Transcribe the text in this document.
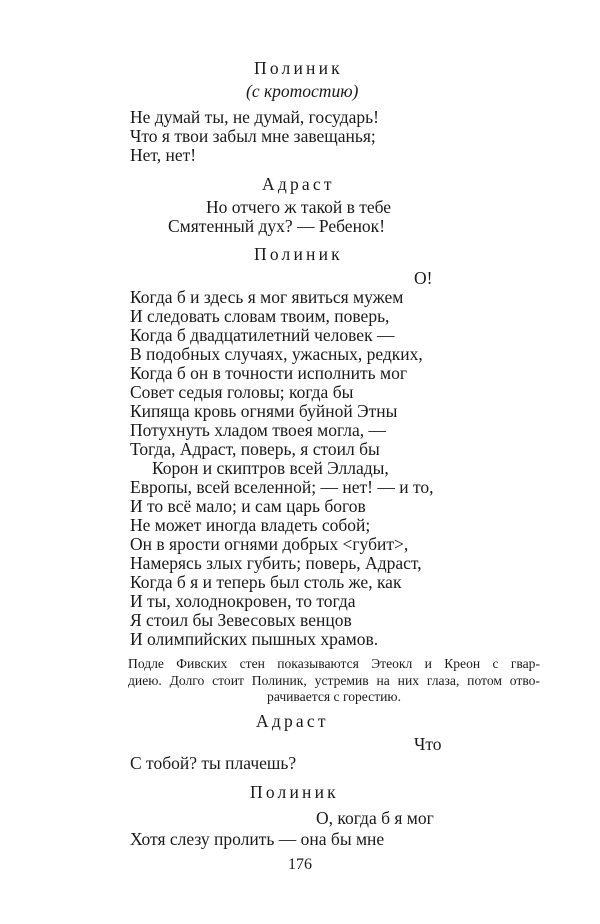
Полиник
(с кротостию)
Не думай ты, не думай, государь!
Что я твои забыл мне завещанья;
Нет, нет!
Адраст
Но отчего ж такой в тебе
Смятенный дух? — Ребенок!
Полиник
О!
Когда б и здесь я мог явиться мужем
И следовать словам твоим, поверь,
Когда б двадцатилетний человек —
В подобных случаях, ужасных, редких,
Когда б он в точности исполнить мог
Совет седыя головы; когда бы
Кипяща кровь огнями буйной Этны
Потухнуть хладом твоея могла, —
Тогда, Адраст, поверь, я стоил бы
Корон и скиптров всей Эллады,
Европы, всей вселенной; — нет! — и то,
И то всё мало; и сам царь богов
Не может иногда владеть собой;
Он в ярости огнями добрых <губит>,
Намерясь злых губить; поверь, Адраст,
Когда б я и теперь был столь же, как
И ты, холоднокровен, то тогда
Я стоил бы Зевесовых венцов
И олимпийских пышных храмов.
Подле Фивских стен показываются Этеокл и Креон с гвар-
диею. Долго стоит Полиник, устремив на них глаза, потом отво-
рачивается с горестию.
Адраст
Что
С тобой? ты плачешь?
Полиник
О, когда б я мог
Хотя слезу пролить — она бы мне
176
